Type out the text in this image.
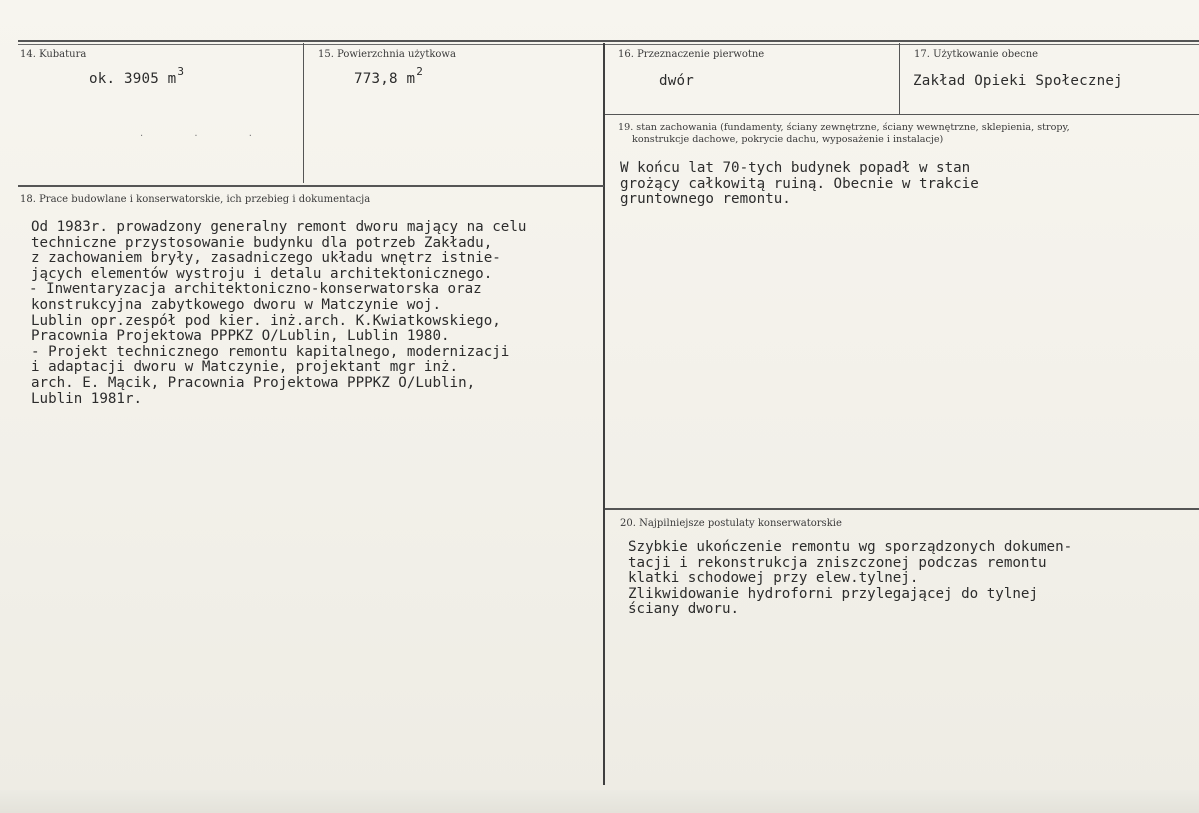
14. Kubatura
ok. 3905 $m^3$
. . .
15. Powierzchnia użytkowa
773,8 $m^2$
16. Przeznaczenie pierwotne
dwór
17. Użytkowanie obecne
Zakład Opieki Społecznej
19. stan zachowania (fundamenty, ściany zewnętrzne, ściany wewnętrzne, sklepienia, stropy,
konstrukcje dachowe, pokrycie dachu, wyposażenie i instalacje)
W końcu lat 70-tych budynek popadł w stan
grożący całkowitą ruiną. Obecnie w trakcie
gruntownego remontu.
18. Prace budowlane i konserwatorskie, ich przebieg i dokumentacja
Od 1983r. prowadzony generalny remont dworu mający na celu
techniczne przystosowanie budynku dla potrzeb Zakładu,
z zachowaniem bryły, zasadniczego układu wnętrz istnie-
jących elementów wystroju i detalu architektonicznego.
- Inwentaryzacja architektoniczno-konserwatorska oraz
konstrukcyjna zabytkowego dworu w Matczynie woj.
Lublin opr.zespół pod kier. inż.arch. K.Kwiatkowskiego,
Pracownia Projektowa PPPKZ O/Lublin, Lublin 1980.
- Projekt technicznego remontu kapitalnego, modernizacji
i adaptacji dworu w Matczynie, projektant mgr inż.
arch. E. Mącik, Pracownia Projektowa PPPKZ O/Lublin,
Lublin 1981r.
20. Najpilniejsze postulaty konserwatorskie
Szybkie ukończenie remontu wg sporządzonych dokumen-
tacji i rekonstrukcja zniszczonej podczas remontu
klatki schodowej przy elew.tylnej.
Zlikwidowanie hydroforni przylegającej do tylnej
ściany dworu.
